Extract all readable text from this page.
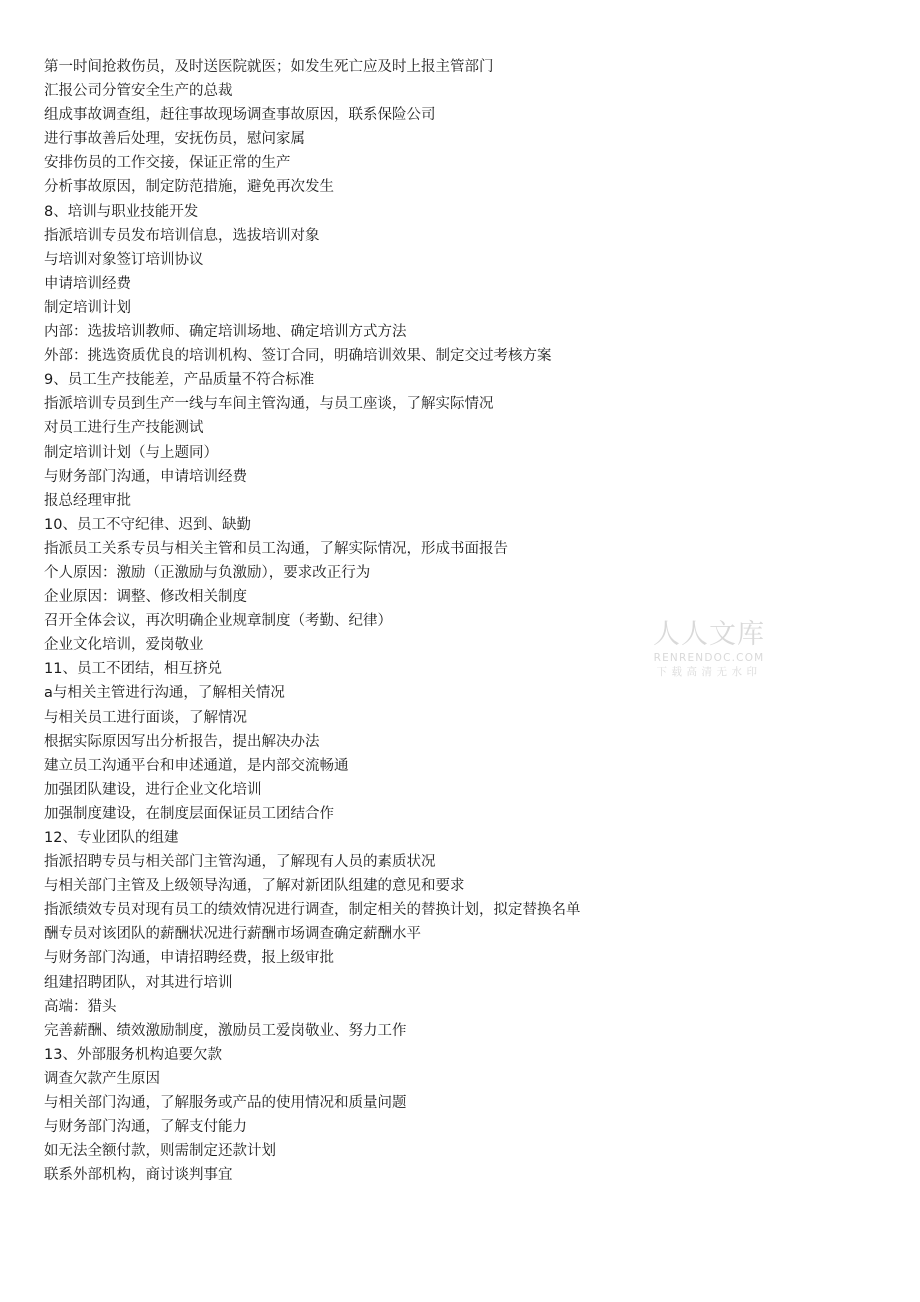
第一时间抢救伤员，及时送医院就医；如发生死亡应及时上报主管部门
汇报公司分管安全生产的总裁
组成事故调查组，赶往事故现场调查事故原因，联系保险公司
进行事故善后处理，安抚伤员，慰问家属
安排伤员的工作交接，保证正常的生产
分析事故原因，制定防范措施，避免再次发生
8、培训与职业技能开发
指派培训专员发布培训信息，选拔培训对象
与培训对象签订培训协议
申请培训经费
制定培训计划
内部：选拔培训教师、确定培训场地、确定培训方式方法
外部：挑选资质优良的培训机构、签订合同，明确培训效果、制定交过考核方案
9、员工生产技能差，产品质量不符合标准
指派培训专员到生产一线与车间主管沟通，与员工座谈，了解实际情况
对员工进行生产技能测试
制定培训计划（与上题同）
与财务部门沟通，申请培训经费
报总经理审批
10、员工不守纪律、迟到、缺勤
指派员工关系专员与相关主管和员工沟通，了解实际情况，形成书面报告
个人原因：激励（正激励与负激励），要求改正行为
企业原因：调整、修改相关制度
召开全体会议，再次明确企业规章制度（考勤、纪律）
企业文化培训，爱岗敬业
11、员工不团结，相互挤兑
a与相关主管进行沟通，了解相关情况
与相关员工进行面谈，了解情况
根据实际原因写出分析报告，提出解决办法
建立员工沟通平台和申述通道，是内部交流畅通
加强团队建设，进行企业文化培训
加强制度建设，在制度层面保证员工团结合作
12、专业团队的组建
指派招聘专员与相关部门主管沟通，了解现有人员的素质状况
与相关部门主管及上级领导沟通，了解对新团队组建的意见和要求
指派绩效专员对现有员工的绩效情况进行调查，制定相关的替换计划，拟定替换名单
酬专员对该团队的薪酬状况进行薪酬市场调查确定薪酬水平
与财务部门沟通，申请招聘经费，报上级审批
组建招聘团队，对其进行培训
高端：猎头
完善薪酬、绩效激励制度，激励员工爱岗敬业、努力工作
13、外部服务机构追要欠款
调查欠款产生原因
与相关部门沟通，了解服务或产品的使用情况和质量问题
与财务部门沟通，了解支付能力
如无法全额付款，则需制定还款计划
联系外部机构，商讨谈判事宜
人人文库
RENRENDOC.COM
下载高清无水印
